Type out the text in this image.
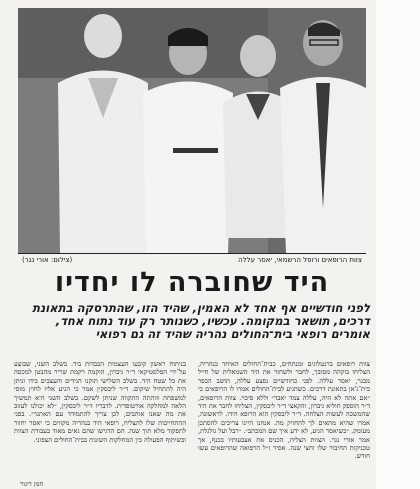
צוות הרופאים ורופל הרשמאי, יאסר עללה
(צילום: אורי נגר)
היד שחוברה לו יחדיו
לפני חודשיים אף אחד לא האמין, שהיד הזו, שהתרסקה בתאונת דרכים, תושאר במקומה. עכשיו, כשנותר רק עוד נתוח אחד, אומרים רופאי בית־החולים נהריה שהיד זה גם רפואי
צוות רופאים ברנטלוגים ומנתחים, כבית־החולים האיחד בנהריה, הצליחו בוקהה מסובך, לחבר ולשחזר את היד השמאלית של חייל מבגר, יאסר עללה. לפני כחודשיים נפצע עללה, תושב הכפר בית־ג'אן בתאונת דרכים. כשהגיע לבית־החולים אמרו לו הרופאים כי ״אם אתה לא היה, עללה צמד יאבד״ וללא סיכוי. צוות הרופאים, ד״ר הוספק חוליא גיברון, והקאצי ד״ר ליבסקין, הצליחו לחבר את היד שהמשכה לעשות הצלחה. ד״ר ליבסקין הוא הרופא הידו. לראשונה, אמרו שהיא מתאים לך להחזיק מה. אנחנו היינו צריכים להסתכן מעומק. ״כשיאסר הגיע, לא ידע איך שם המכתב״. ״רבל ועל גולגלת, אמר אורי נגר. הצוות הצליח, הכניס את אצבעותיו בכנף, אך טכניקות החיבור שלו וחצי שנה. אסיר ז״ל הרפואה שהרופאים עשו חודש.
בניתוח ראשון קובעו העצמות הכבדות ביד. בשלב השני, שבוצע על־ידי הפלסטיקאי ד״ר גיברון, הוקמה רקמת שריר מהבטן למכסה את כל שטח היד. בשלב השלישי תוקנו הגידים והעצבים בידו וניתן היה להתחיל שיקום. ד״ר ליבסקין אמר כי הגיע אליו לחוץ מוסי למשפחה וזוהתה התקווה שניתן לשקם. בשלב השני היא תמשיך הלאה למחלקה אורטופדית. לדבריו ד״ר ליבסקין, ״לא יכולנו לעזוב את מה שאנו אוהבים, לכן צריך להתמודד עם האתגר״. בפני ההתחייבות שלו להצליח, רופאי היד בנהריה מקווים כי יאסר יחזור לתפקוד מלא תוך שנה. הם הדגישו שהם גאים מאוד בעבודת הצוות ובשיתוף הפעולה בין המחלקות השונות בבית־החולים הצפוני.
חמן דינור
